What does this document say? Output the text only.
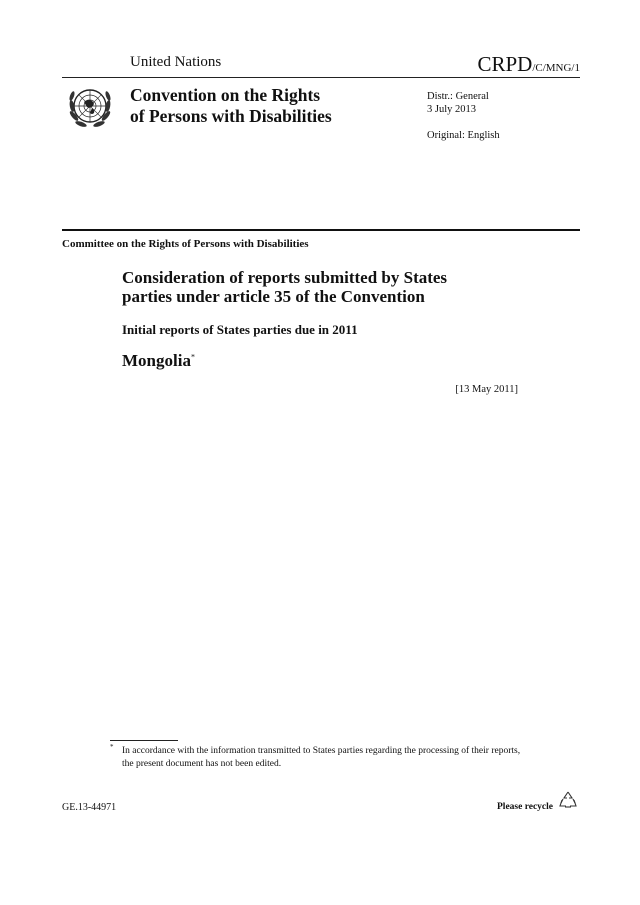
United Nations	CRPD/C/MNG/1
Convention on the Rights
of Persons with Disabilities
Distr.: General
3 July 2013
Original: English
Committee on the Rights of Persons with Disabilities
Consideration of reports submitted by States
parties under article 35 of the Convention
Initial reports of States parties due in 2011
Mongolia*
[13 May 2011]
* In accordance with the information transmitted to States parties regarding the processing of their reports, the present document has not been edited.
GE.13-44971	Please recycle
